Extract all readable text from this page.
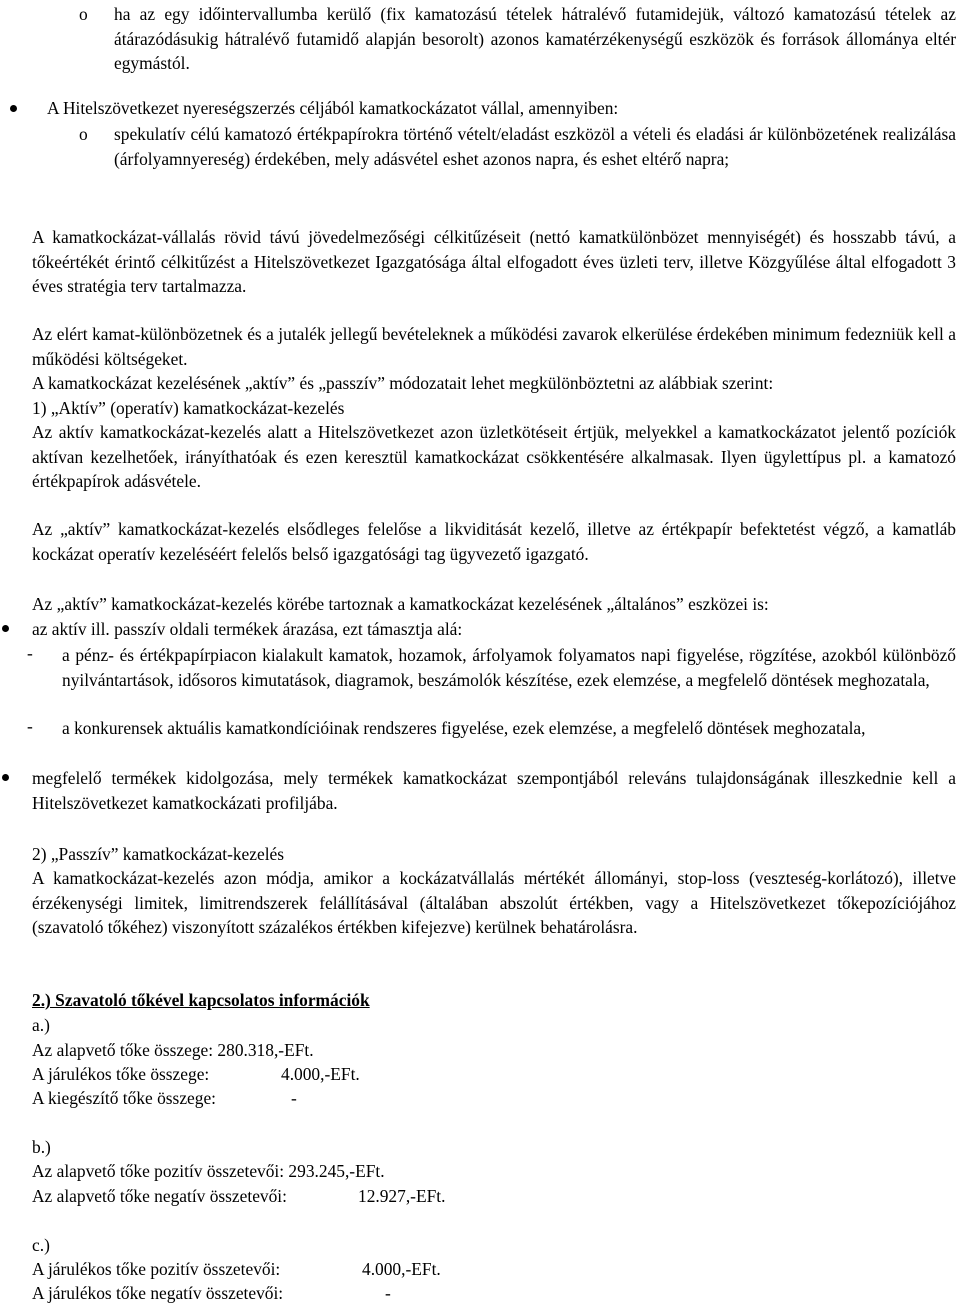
o	ha az egy időintervallumba kerülő (fix kamatozású tételek hátralévő futamidejük, változó kamatozású tételek az átárazódásukig hátralévő futamidő alapján besorolt) azonos kamatérzékenységű eszközök és források állománya eltér egymástól.
A Hitelszövetkezet nyereségszerzés céljából kamatkockázatot vállal, amennyiben:
o	spekulatív célú kamatozó értékpapírokra történő vételt/eladást eszközöl a vételi és eladási ár különbözetének realizálása (árfolyamnyereség) érdekében, mely adásvétel eshet azonos napra, és eshet eltérő napra;
A kamatkockázat-vállalás rövid távú jövedelmezőségi célkitűzéseit (nettó kamatkülönbözet mennyiségét) és hosszabb távú, a tőkeértékét érintő célkitűzést a Hitelszövetkezet Igazgatósága által elfogadott éves üzleti terv, illetve Közgyűlése által elfogadott 3 éves stratégia terv tartalmazza.
Az elért kamat-különbözetnek és a jutalék jellegű bevételeknek a működési zavarok elkerülése érdekében minimum fedezniük kell a működési költségeket.
A kamatkockázat kezelésének „aktív” és „passzív” módozatait lehet megkülönböztetni az alábbiak szerint:
1) „Aktív” (operatív) kamatkockázat-kezelés
Az aktív kamatkockázat-kezelés alatt a Hitelszövetkezet azon üzletkötéseit értjük, melyekkel a kamatkockázatot jelentő pozíciók aktívan kezelhetőek, irányíthatóak és ezen keresztül kamatkockázat csökkentésére alkalmasak. Ilyen ügylettípus pl. a kamatozó értékpapírok adásvétele.
Az „aktív” kamatkockázat-kezelés elsődleges felelőse a likviditását kezelő, illetve az értékpapír befektetést végző, a kamatláb kockázat operatív kezeléséért felelős belső igazgatósági tag ügyvezető igazgató.
Az „aktív” kamatkockázat-kezelés körébe tartoznak a kamatkockázat kezelésének „általános” eszközei is:
az aktív ill. passzív oldali termékek árazása, ezt támasztja alá:
-	a pénz- és értékpapírpiacon kialakult kamatok, hozamok, árfolyamok folyamatos napi figyelése, rögzítése, azokból különböző nyilvántartások, idősoros kimutatások, diagramok, beszámolók készítése, ezek elemzése, a megfelelő döntések meghozatala,
-	a konkurensek aktuális kamatkondícióinak rendszeres figyelése, ezek elemzése, a megfelelő döntések meghozatala,
megfelelő termékek kidolgozása, mely termékek kamatkockázat szempontjából releváns tulajdonságának illeszkednie kell a Hitelszövetkezet kamatkockázati profiljába.
2) „Passzív” kamatkockázat-kezelés
A kamatkockázat-kezelés azon módja, amikor a kockázatvállalás mértékét állományi, stop-loss (veszteség-korlátozó), illetve érzékenységi limitek, limitrendszerek felállításával (általában abszolút értékben, vagy a Hitelszövetkezet tőkepozíciójához (szavatoló tőkéhez) viszonyított százalékos értékben kifejezve) kerülnek behatárolásra.
2.) Szavatoló tőkével kapcsolatos információk
a.)
Az alapvető tőke összege: 280.318,-EFt.
A járulékos tőke összege:	4.000,-EFt.
A kiegészítő tőke összege:	-
b.)
Az alapvető tőke pozitív összetevői: 293.245,-EFt.
Az alapvető tőke negatív összetevői:	12.927,-EFt.
c.)
A járulékos tőke pozitív összetevői:	4.000,-EFt.
A járulékos tőke negatív összetevői:	-
